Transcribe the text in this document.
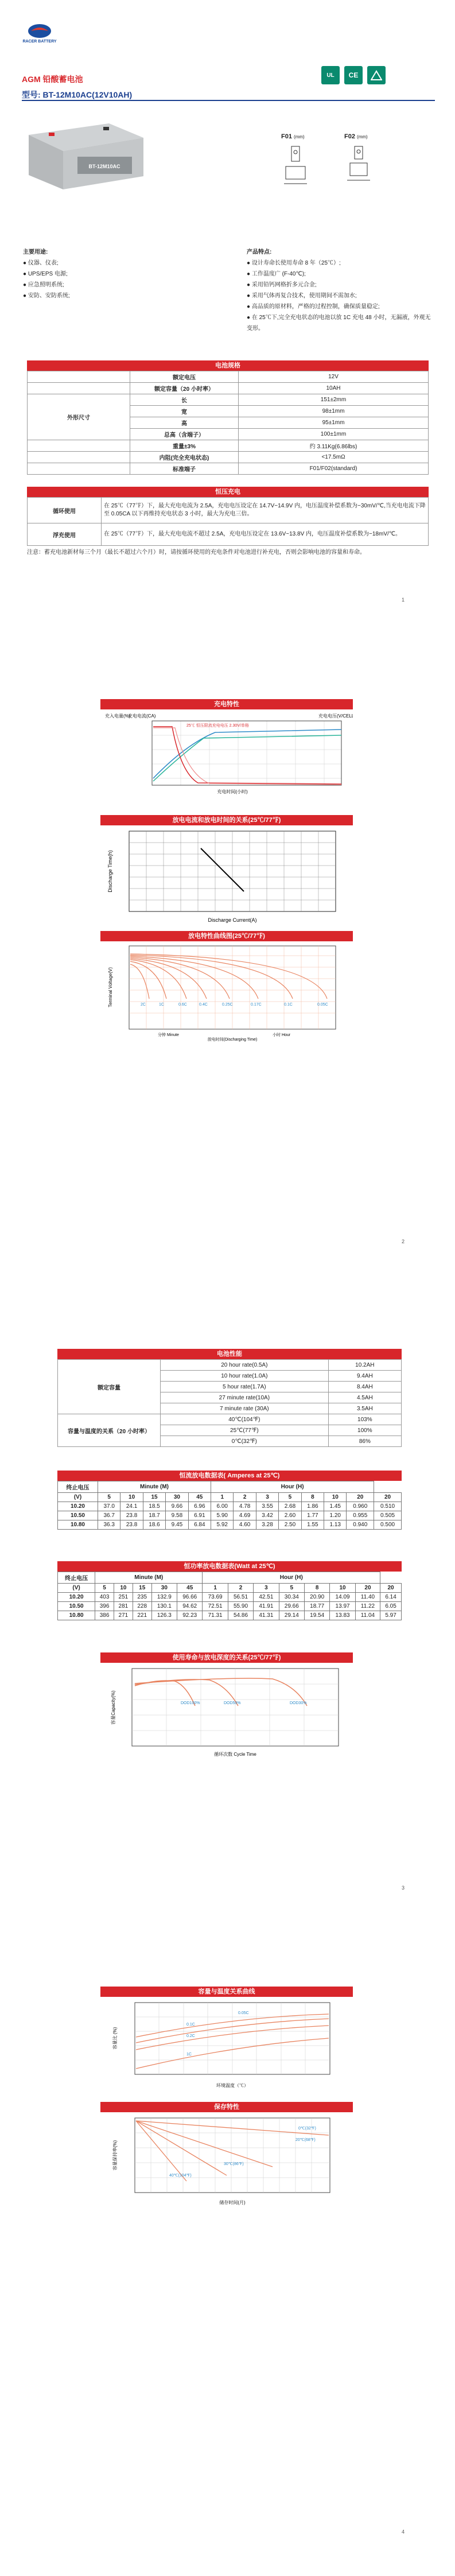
RACER BATTERY
AGM 铅酸蓄电池
型号: BT-12M10AC(12V10AH)
UL	CE
BT-12M10AC
F01 (mm)	F02 (mm)
主要用途:
● 仪器、仪表;
● UPS/EPS 电源;
● 应急照明系统;
● 安防、安防系统;
产品特点:
● 设计寿命长使用寿命 8 年（25℃）;
● 工作温度广 (F-40℃);
● 采用铅钙网格折多元合金;
● 采用气体再复合技术，使用期间不需加水;
● 高品质的原材料，严格的过程控制，确保质量稳定;
● 在 25℃下,完全充电状态的电池以放 1C 充电 48 小时，无漏液，外观无变形。
电池规格
	额定电压	12V
	额定容量（20 小时率）	10AH
外形尺寸	长	151±2mm
	宽	98±1mm
	高	95±1mm
	总高（含端子）	100±1mm
	重量±3%	约 3.11Kg(6.86lbs)
	内阻(完全充电状态)	<17.5mΩ
	标准端子	F01/F02(standard)
恒压充电
循环使用	在 25℃（77℉）下，最大充电电流为 2.5A，充电电压设定在 14.7V~14.9V 内，电压温度补偿系数为−30mV/℃,当充电电流下降至 0.05CA 以下再维持充电状态 3 小时，最大为充电三倍。
浮充使用	在 25℃（77℉）下，最大充电电流不超过 2.5A，充电电压设定在 13.6V~13.8V 内，电压温度补偿系数为−18mV/℃。
注意：蓄充电池新材每三个月（最长不超过六个月）时，请按循环使用的充电条件对电池进行补充电，否则会影响电池的容量和寿命。
1
充电特性
充入电量(%)
充电电流(CA)	充电电压(V/CELL)
充电时间(小时)
25℃ 恒压限流充电电压 2.30V/单格
放电电流和放电时间的关系(25℃/77℉)
Discharge Time(h)
Discharge Current(A)
放电特性曲线图(25℃/77℉)
2C	1C	0.6C	0.4C	0.25C	0.17C	0.1C	0.05C
Terminal Voltage(V)
分钟 Minute	小时 Hour
放电时间(Discharging Time)
2
电池性能
额定容量	20 hour rate(0.5A)	10.2AH
	10 hour rate(1.0A)	9.4AH
	5 hour rate(1.7A)	8.4AH
	27 minute rate(10A)	4.5AH
	7 minute rate (30A)	3.5AH
容量与温度的关系（20 小时率）	40℃(104℉)	103%
	25℃(77℉)	100%
	0℃(32℉)	86%
恒流放电数据表( Amperes at 25℃)
终止电压	Minute (M)					Hour (H)							
(V)	5	10	15	30	45	1	2	3	5	8	10	20	20
10.20	37.0	24.1	18.5	9.66	6.96	6.00	4.78	3.55	2.68	1.86	1.45	0.960	0.510
10.50	36.7	23.8	18.7	9.58	6.91	5.90	4.69	3.42	2.60	1.77	1.20	0.955	0.505
10.80	36.3	23.8	18.6	9.45	6.84	5.92	4.60	3.28	2.50	1.55	1.13	0.940	0.500
恒功率放电数据表(Watt at 25℃)
终止电压	Minute (M)					Hour (H)							
(V)	5	10	15	30	45	1	2	3	5	8	10	20	20
10.20	403	251	235	132.9	96.66	73.69	56.51	42.51	30.34	20.90	14.09	11.40	6.14
10.50	396	281	228	130.1	94.62	72.51	55.90	41.91	29.66	18.77	13.97	11.22	6.05
10.80	386	271	221	126.3	92.23	71.31	54.86	41.31	29.14	19.54	13.83	11.04	5.97
使用寿命与放电深度的关系(25℃/77℉)
DOD100%	DOD50%	DOD30%
容量Capacity(%)
循环次数 Cycle Time
3
容量与温度关系曲线
0.05C
0.1C
0.2C
1C
容量比 (%)
环境温度（℃）
保存特性
0℃(32℉)
20℃(68℉)
30℃(86℉)
40℃(104℉)
容量保持率(%)
储存时间(月)
4
